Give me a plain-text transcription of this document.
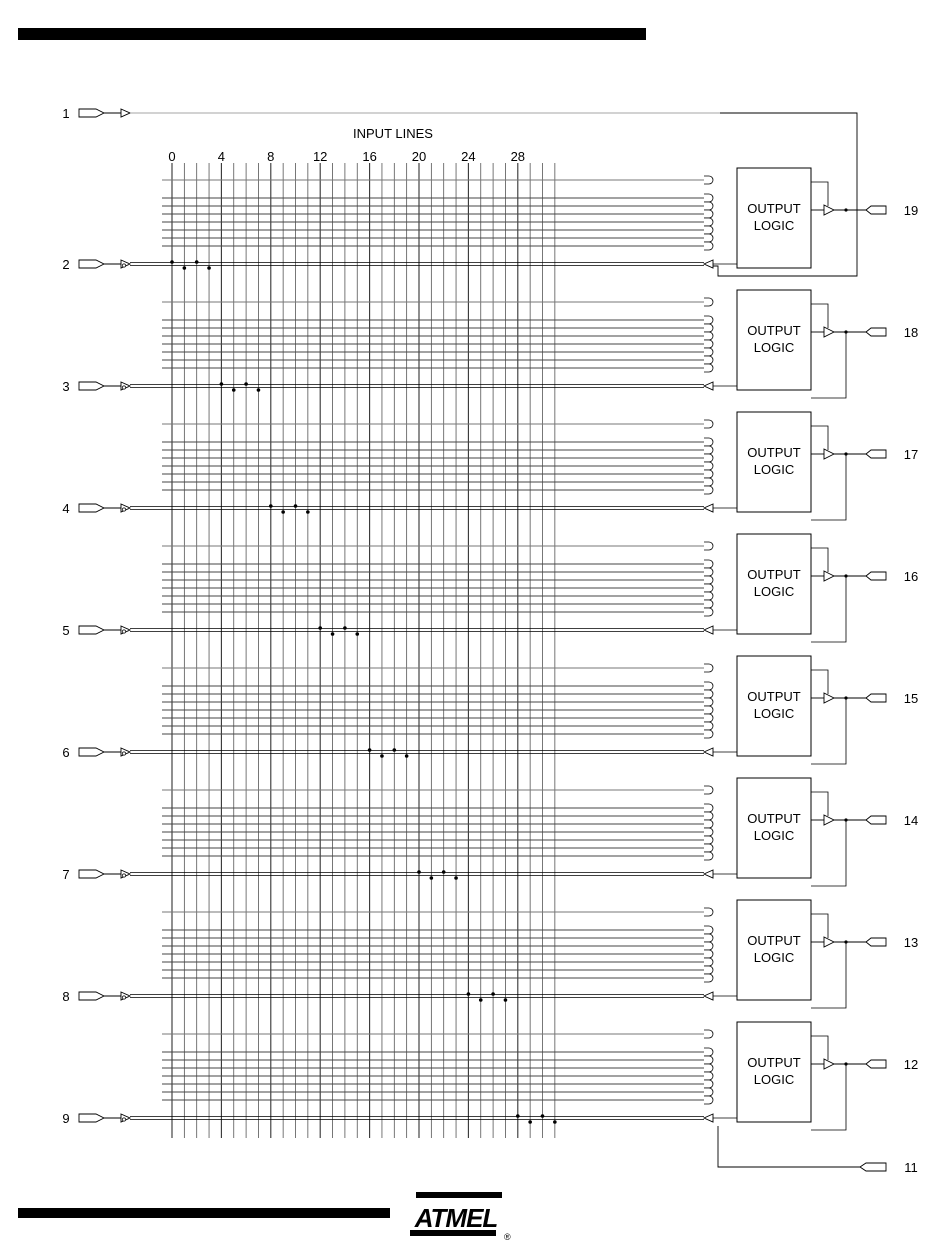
INPUT LINES
0	4	8	12	16	20	24	28
1
2
3
4
5
6
7
8
9
11
OUTPUT
LOGIC
19
OUTPUT
LOGIC
18
OUTPUT
LOGIC
17
OUTPUT
LOGIC
16
OUTPUT
LOGIC
15
OUTPUT
LOGIC
14
OUTPUT
LOGIC
13
OUTPUT
LOGIC
12
ATMEL
®
